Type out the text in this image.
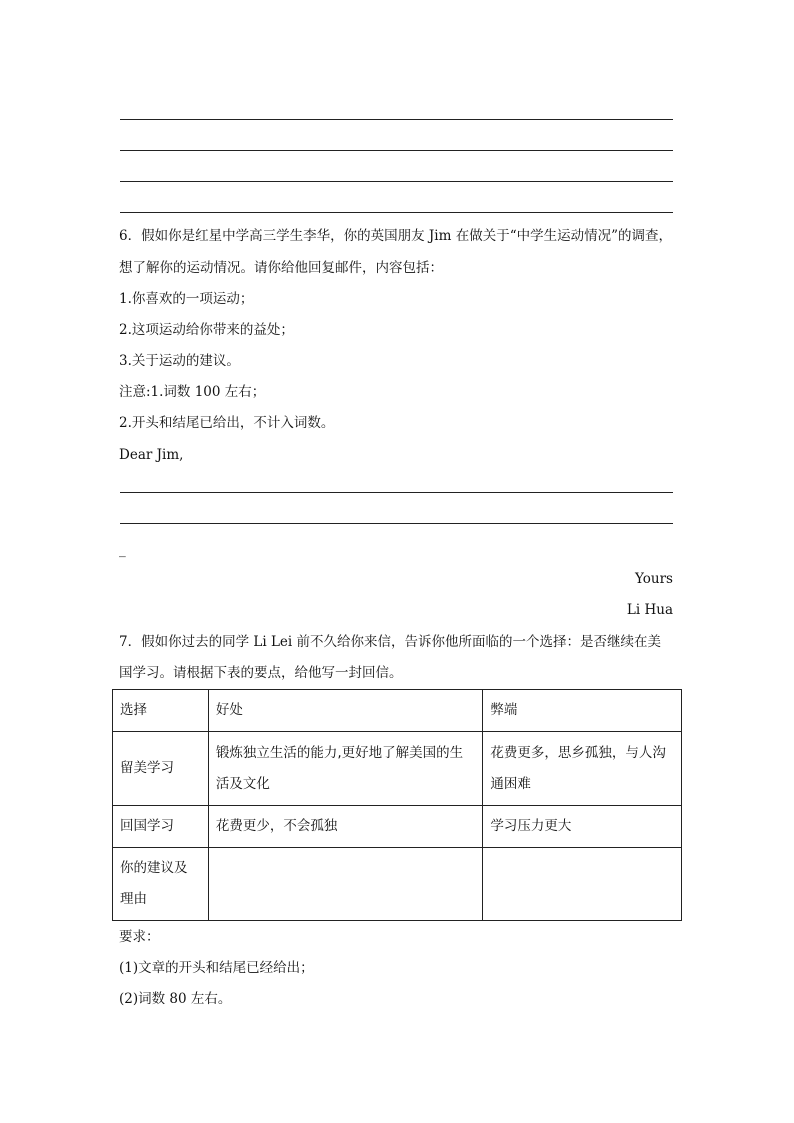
6．假如你是红星中学高三学生李华，你的英国朋友 Jim 在做关于“中学生运动情况”的调查，
想了解你的运动情况。请你给他回复邮件，内容包括：
1.你喜欢的一项运动；
2.这项运动给你带来的益处；
3.关于运动的建议。
注意:1.词数 100 左右；
2.开头和结尾已给出，不计入词数。
Dear Jim,
_
Yours
Li Hua
7．假如你过去的同学 Li Lei 前不久给你来信，告诉你他所面临的一个选择：是否继续在美
国学习。请根据下表的要点，给他写一封回信。
选择	好处	弊端
留美学习	锻炼独立生活的能力,更好地了解美国的生活及文化	花费更多，思乡孤独，与人沟通困难
回国学习	花费更少，不会孤独	学习压力更大
你的建议及理由		
要求：
(1)文章的开头和结尾已经给出；
(2)词数 80 左右。
